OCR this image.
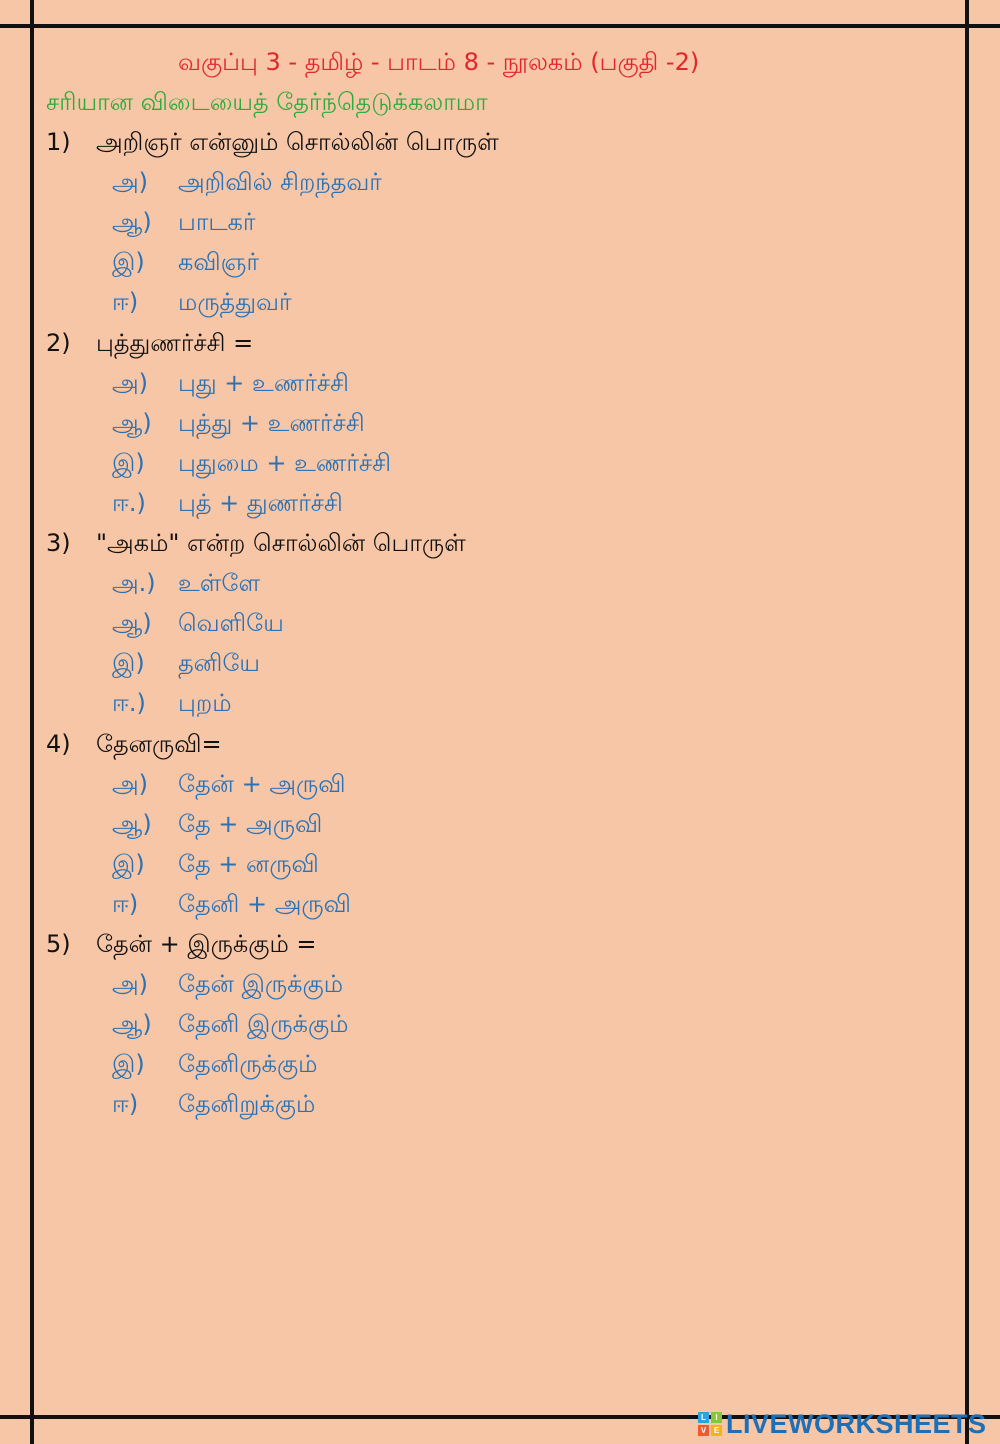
வகுப்பு 3 - தமிழ் - பாடம் 8 - நூலகம் (பகுதி -2)
சரியான விடையைத் தேர்ந்தெடுக்கலாமா
1) அறிஞர் என்னும் சொல்லின் பொருள்
அ) அறிவில் சிறந்தவர்
ஆ) பாடகர்
இ) கவிஞர்
ஈ) மருத்துவர்
2) புத்துணர்ச்சி =
அ) புது + உணர்ச்சி
ஆ) புத்து + உணர்ச்சி
இ) புதுமை + உணர்ச்சி
ஈ.) புத் + துணர்ச்சி
3) "அகம்" என்ற சொல்லின் பொருள்
அ.) உள்ளே
ஆ) வெளியே
இ) தனியே
ஈ.) புறம்
4) தேனருவி=
அ) தேன் + அருவி
ஆ) தே + அருவி
இ) தே + னருவி
ஈ) தேனி + அருவி
5) தேன் + இருக்கும் =
அ) தேன் இருக்கும்
ஆ) தேனி இருக்கும்
இ) தேனிருக்கும்
ஈ) தேனிறுக்கும்
L	I
V E LIVEWORKSHEETS
